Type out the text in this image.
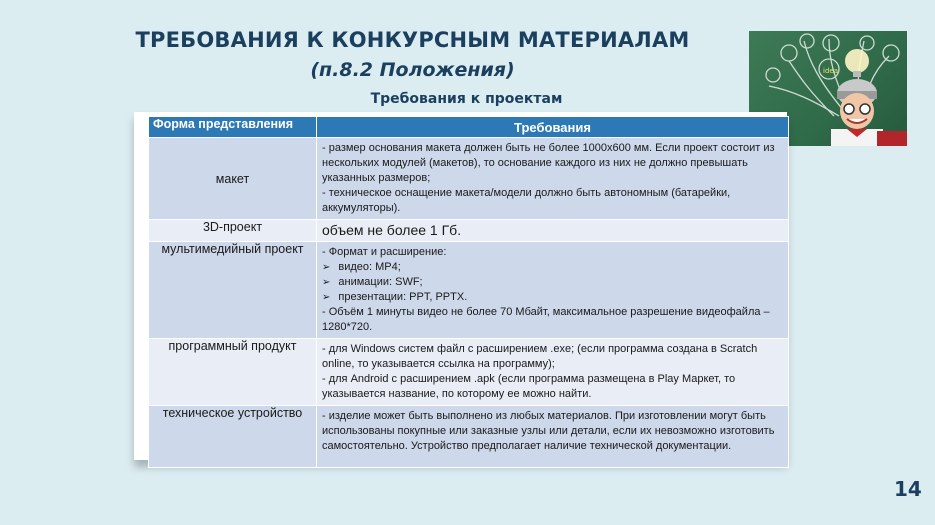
ТРЕБОВАНИЯ К КОНКУРСНЫМ МАТЕРИАЛАМ
(п.8.2 Положения)
Требования к проектам
idea
Форма представления	Требования
макет	- размер основания макета должен быть не более 1000х600 мм. Если проект состоит из нескольких модулей (макетов), то основание каждого из них не должно превышать указанных размеров;
- техническое оснащение макета/модели должно быть автономным (батарейки, аккумуляторы).

3D-проект	объем не более 1 Гб.

мультимедийный проект	- Формат и расширение:
➢ видео: MP4;
➢ анимации: SWF;
➢ презентации: PPT, PPTX.
- Объём 1 минуты видео не более 70 Мбайт, максимальное разрешение видеофайла – 1280*720.

программный продукт	- для Windows систем файл с расширением .exe; (если программа создана в Scratch online, то указывается ссылка на программу);
- для Android с расширением .apk (если программа размещена в Play Маркет, то указывается название, по которому ее можно найти.

техническое устройство	- изделие может быть выполнено из любых материалов. При изготовлении могут быть использованы покупные или заказные узлы или детали, если их невозможно изготовить самостоятельно. Устройство предполагает наличие технической документации.
14
